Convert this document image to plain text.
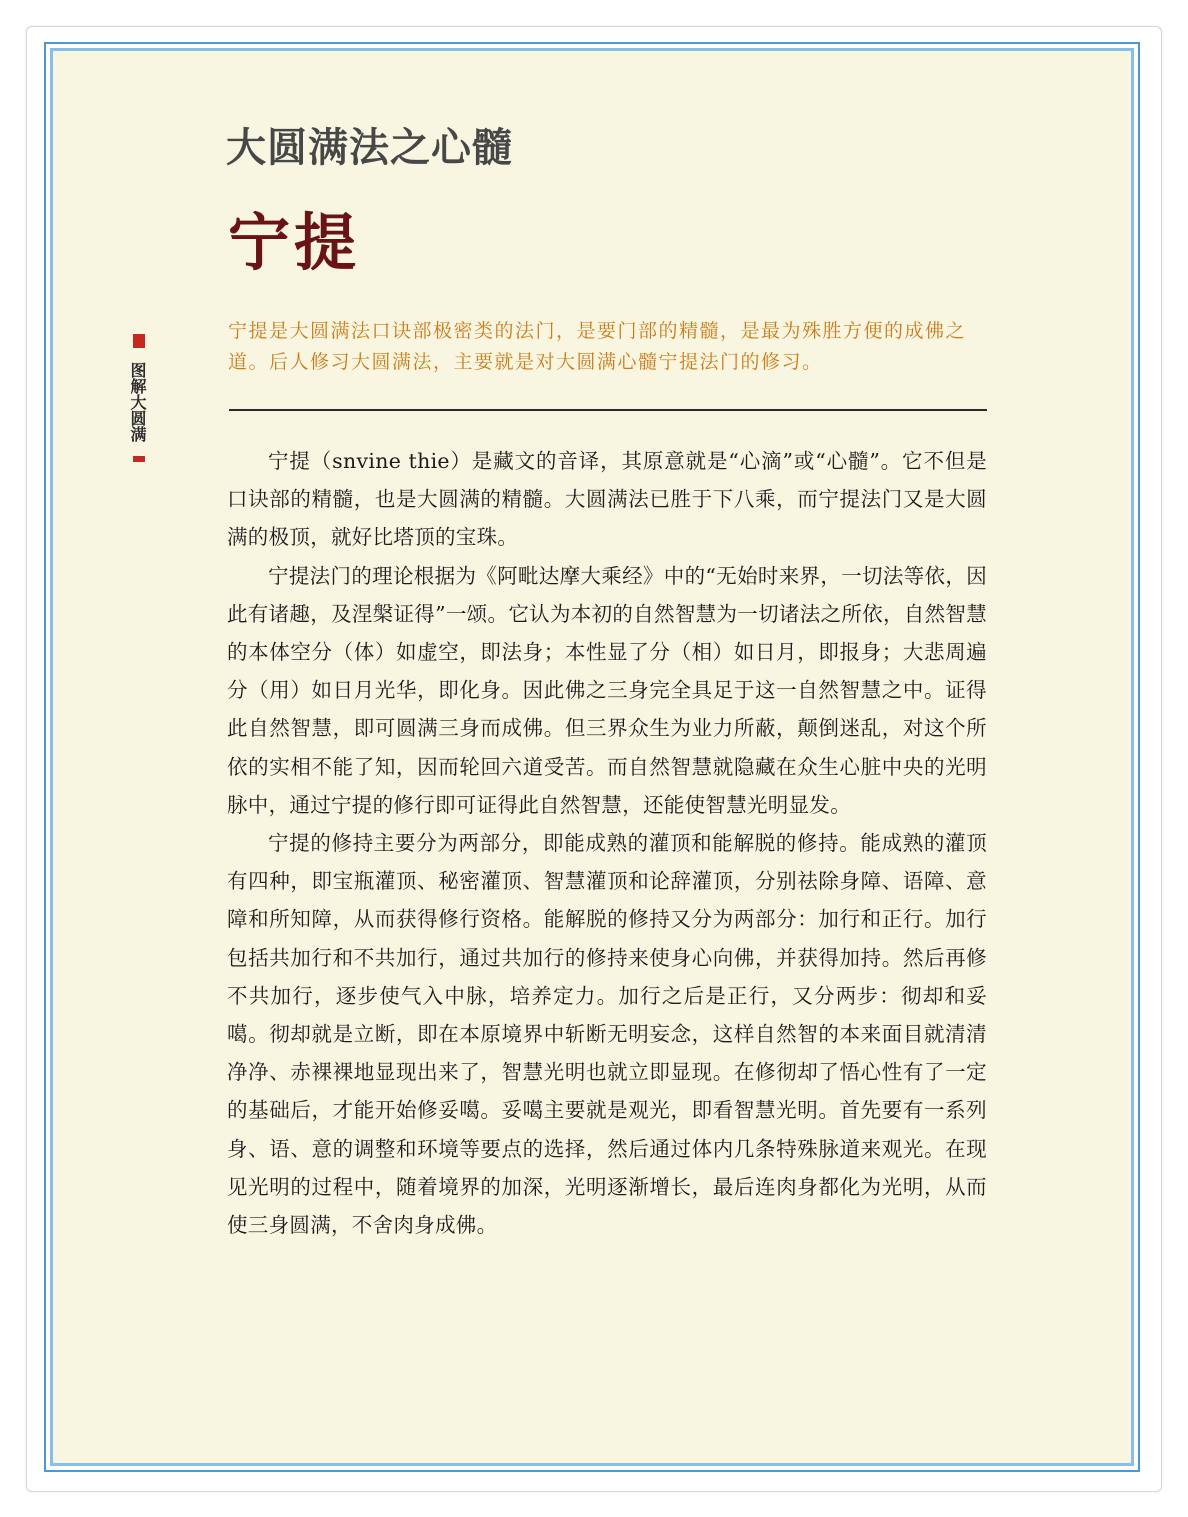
大圆满法之心髓
宁提
图解大圆满

宁提是大圆满法口诀部极密类的法门，是要门部的精髓，是最为殊胜方便的成佛之道。后人修习大圆满法，主要就是对大圆满心髓宁提法门的修习。

宁提（snvine thie）是藏文的音译，其原意就是“心滴”或“心髓”。它不但是口诀部的精髓，也是大圆满的精髓。大圆满法已胜于下八乘，而宁提法门又是大圆满的极顶，就好比塔顶的宝珠。

宁提法门的理论根据为《阿毗达摩大乘经》中的“无始时来界，一切法等依，因此有诸趣，及涅槃证得”一颂。它认为本初的自然智慧为一切诸法之所依，自然智慧的本体空分（体）如虚空，即法身；本性显了分（相）如日月，即报身；大悲周遍分（用）如日月光华，即化身。因此佛之三身完全具足于这一自然智慧之中。证得此自然智慧，即可圆满三身而成佛。但三界众生为业力所蔽，颠倒迷乱，对这个所依的实相不能了知，因而轮回六道受苦。而自然智慧就隐藏在众生心脏中央的光明脉中，通过宁提的修行即可证得此自然智慧，还能使智慧光明显发。

宁提的修持主要分为两部分，即能成熟的灌顶和能解脱的修持。能成熟的灌顶有四种，即宝瓶灌顶、秘密灌顶、智慧灌顶和论辞灌顶，分别祛除身障、语障、意障和所知障，从而获得修行资格。能解脱的修持又分为两部分：加行和正行。加行包括共加行和不共加行，通过共加行的修持来使身心向佛，并获得加持。然后再修不共加行，逐步使气入中脉，培养定力。加行之后是正行，又分两步：彻却和妥噶。彻却就是立断，即在本原境界中斩断无明妄念，这样自然智的本来面目就清清净净、赤裸裸地显现出来了，智慧光明也就立即显现。在修彻却了悟心性有了一定的基础后，才能开始修妥噶。妥噶主要就是观光，即看智慧光明。首先要有一系列身、语、意的调整和环境等要点的选择，然后通过体内几条特殊脉道来观光。在现见光明的过程中，随着境界的加深，光明逐渐增长，最后连肉身都化为光明，从而使三身圆满，不舍肉身成佛。
